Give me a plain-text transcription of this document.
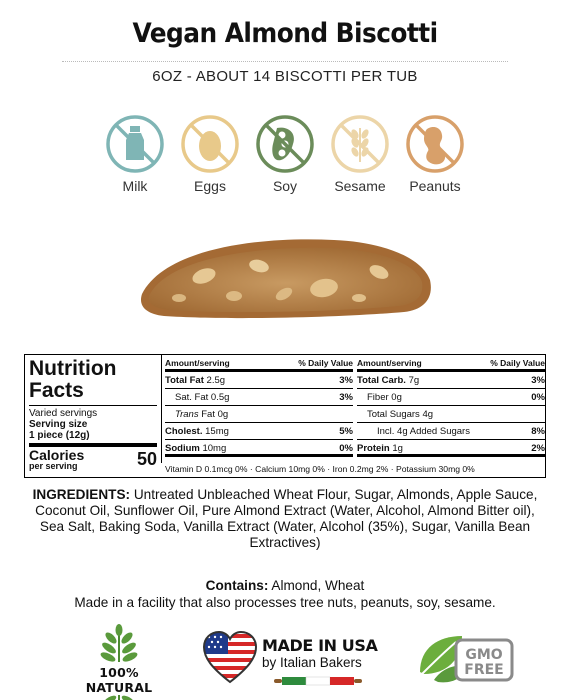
Vegan Almond Biscotti
6OZ - ABOUT 14 BISCOTTI PER TUB
Milk	Eggs	Soy	Sesame	Peanuts
Nutrition Facts
Varied servings
Serving size
1 piece (12g)
Calories
per serving	50
Amount/serving	% Daily Value
Total Fat 2.5g	3%
Sat. Fat 0.5g	3%
Trans Fat 0g
Cholest. 15mg	5%
Sodium 10mg	0%
Amount/serving	% Daily Value
Total Carb. 7g	3%
Fiber 0g	0%
Total Sugars 4g
Incl. 4g Added Sugars	8%
Protein 1g	2%
Vitamin D 0.1mcg 0% · Calcium 10mg 0% · Iron 0.2mg 2% · Potassium 30mg 0%
INGREDIENTS: Untreated Unbleached Wheat Flour, Sugar, Almonds, Apple Sauce, Coconut Oil, Sunflower Oil, Pure Almond Extract (Water, Alcohol, Almond Bitter oil), Sea Salt, Baking Soda, Vanilla Extract (Water, Alcohol (35%), Sugar, Vanilla Bean Extractives)
Contains: Almond, Wheat
Made in a facility that also processes tree nuts, peanuts, soy, sesame.
100% NATURAL
MADE IN USA
by Italian Bakers	GMO
FREE
